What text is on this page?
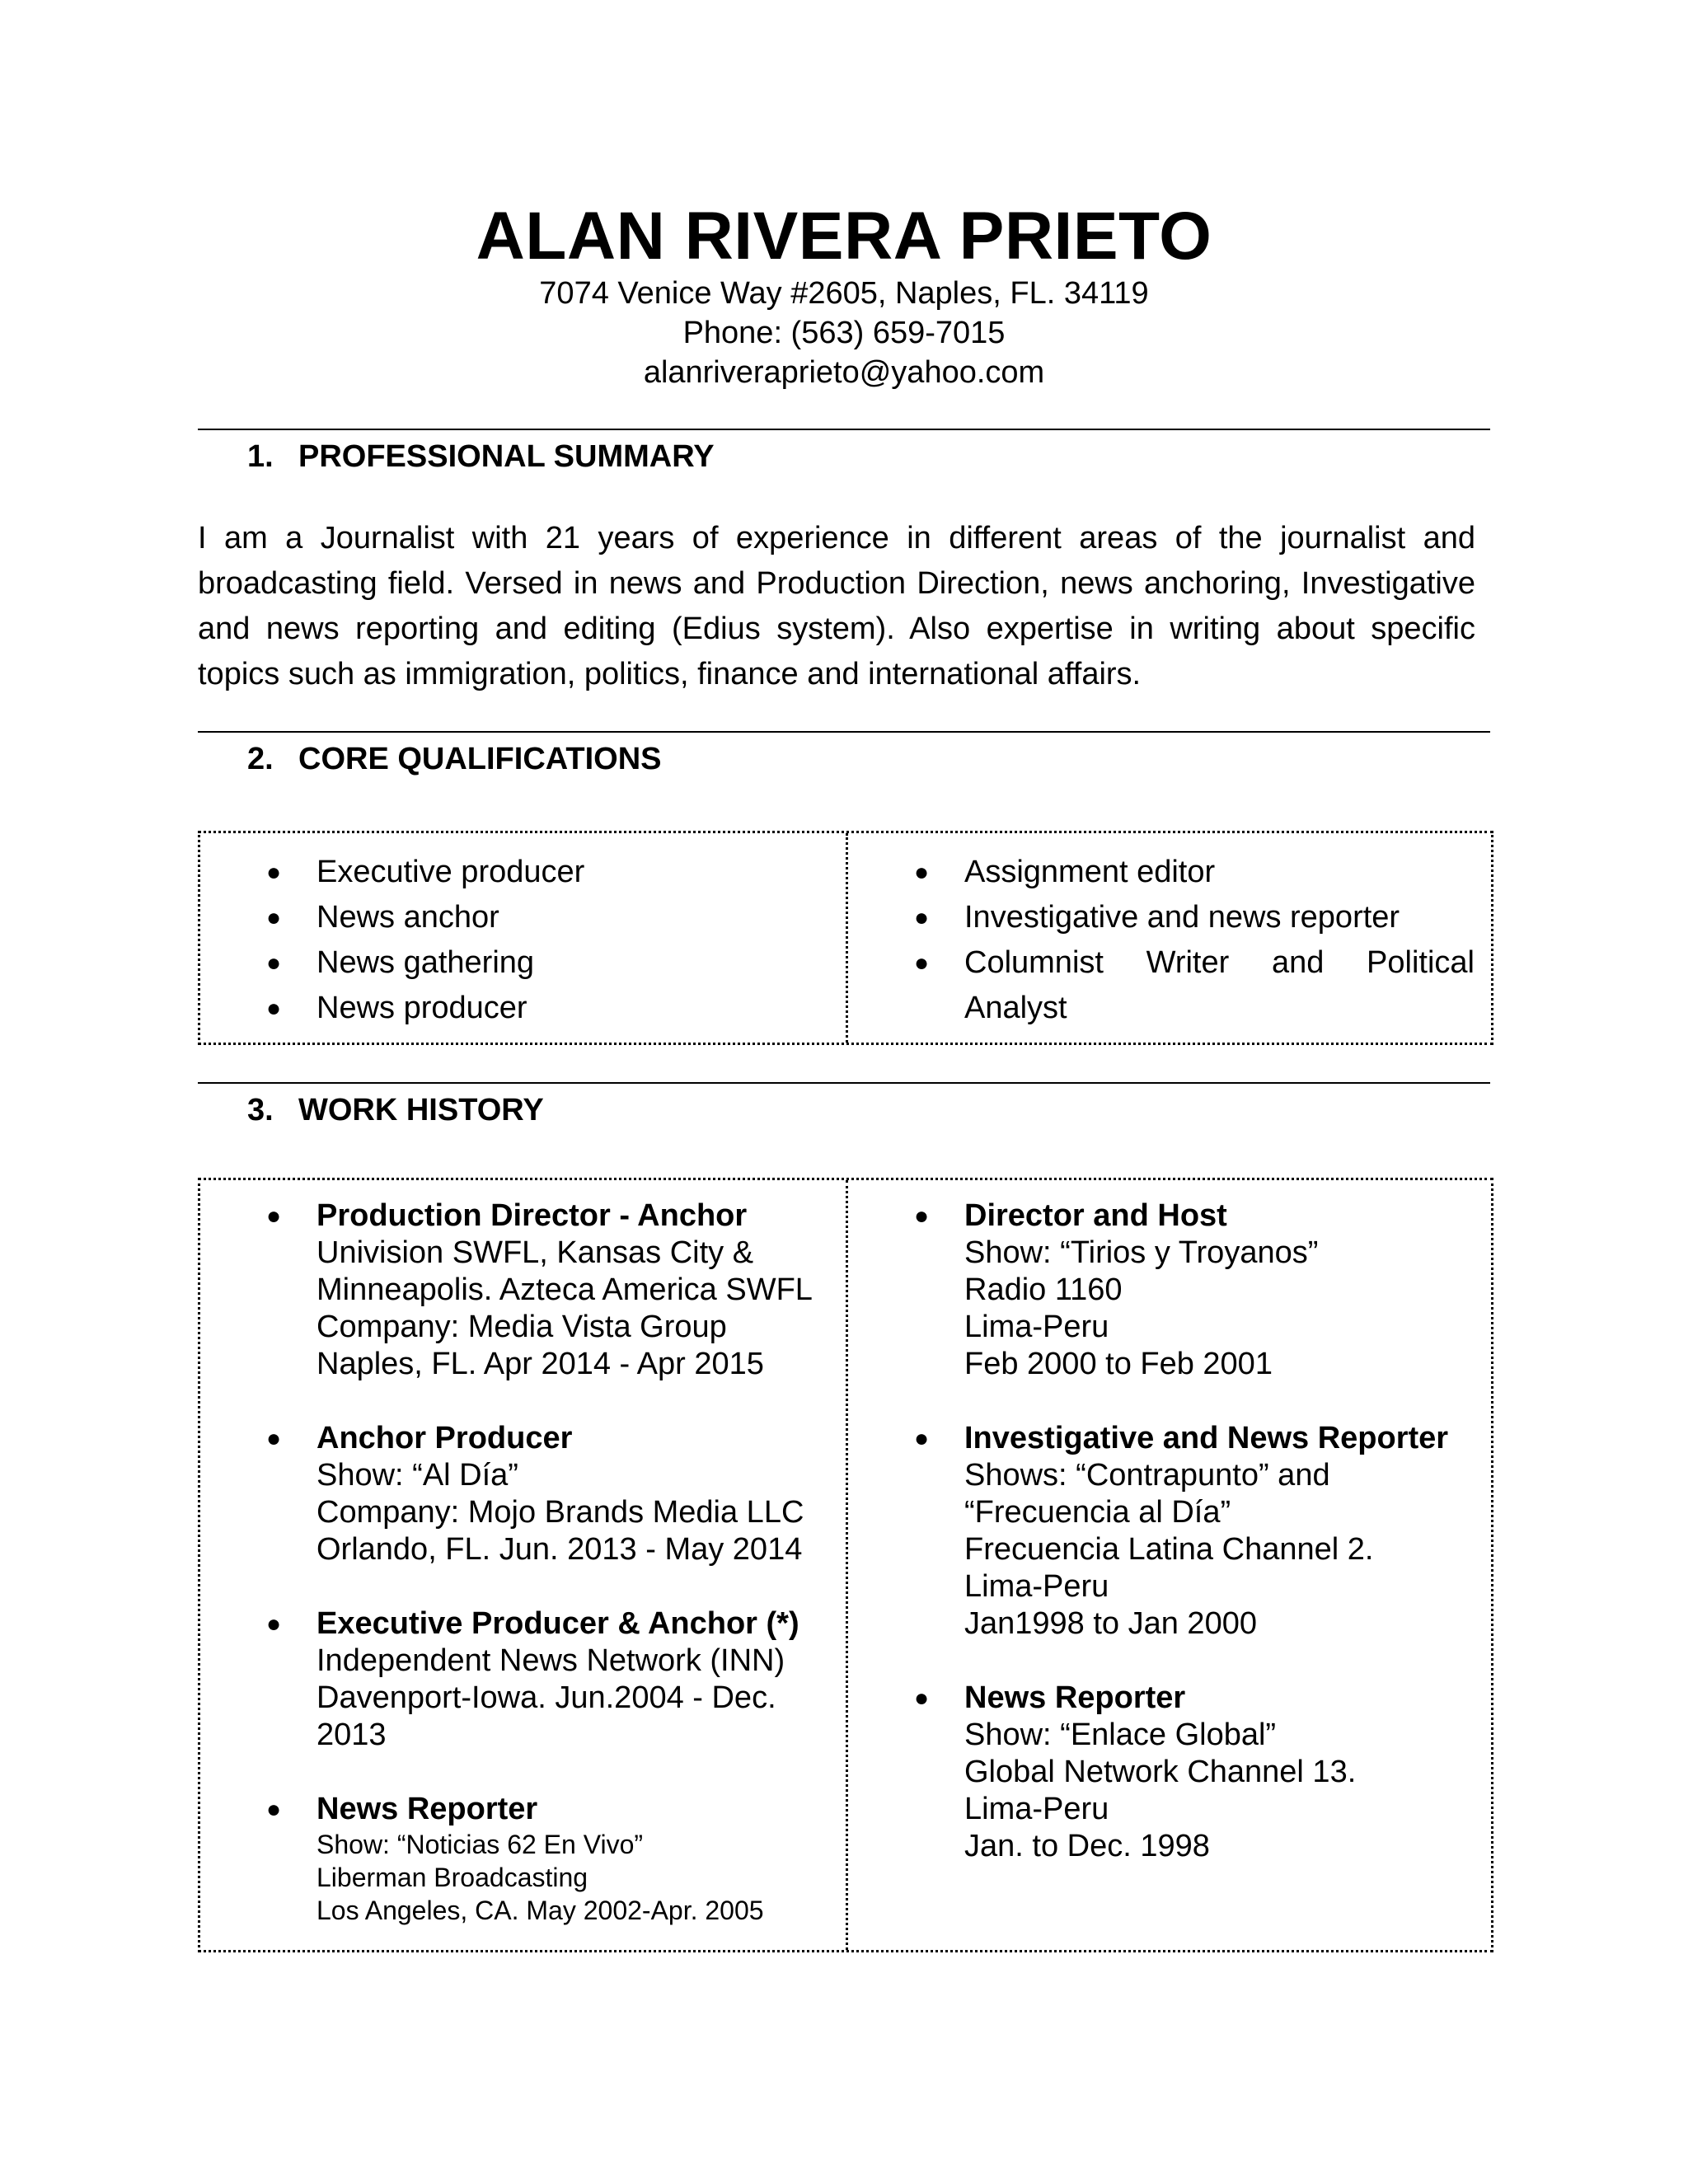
ALAN RIVERA PRIETO
7074 Venice Way #2605, Naples, FL. 34119
Phone: (563) 659-7015
alanriveraprieto@yahoo.com
1. PROFESSIONAL SUMMARY
I am a Journalist with 21 years of experience in different areas of the journalist and broadcasting field. Versed in news and Production Direction, news anchoring, Investigative and news reporting and editing (Edius system). Also expertise in writing about specific topics such as immigration, politics, finance and international affairs.
2. CORE QUALIFICATIONS
● Executive producer
● News anchor
● News gathering
● News producer
● Assignment editor
● Investigative and news reporter
● Columnist Writer and Political Analyst
3. WORK HISTORY
● Production Director - Anchor
Univision SWFL, Kansas City &
Minneapolis. Azteca America SWFL
Company: Media Vista Group
Naples, FL. Apr 2014 - Apr 2015
● Anchor Producer
Show: “Al Día”
Company: Mojo Brands Media LLC
Orlando, FL. Jun. 2013 - May 2014
● Executive Producer & Anchor (*)
Independent News Network (INN)
Davenport-Iowa. Jun.2004 - Dec.
2013
● News Reporter
Show: “Noticias 62 En Vivo”
Liberman Broadcasting
Los Angeles, CA. May 2002-Apr. 2005
● Director and Host
Show: “Tirios y Troyanos”
Radio 1160
Lima-Peru
Feb 2000 to Feb 2001
● Investigative and News Reporter
Shows: “Contrapunto” and
“Frecuencia al Día”
Frecuencia Latina Channel 2.
Lima-Peru
Jan1998 to Jan 2000
● News Reporter
Show: “Enlace Global”
Global Network Channel 13.
Lima-Peru
Jan. to Dec. 1998
